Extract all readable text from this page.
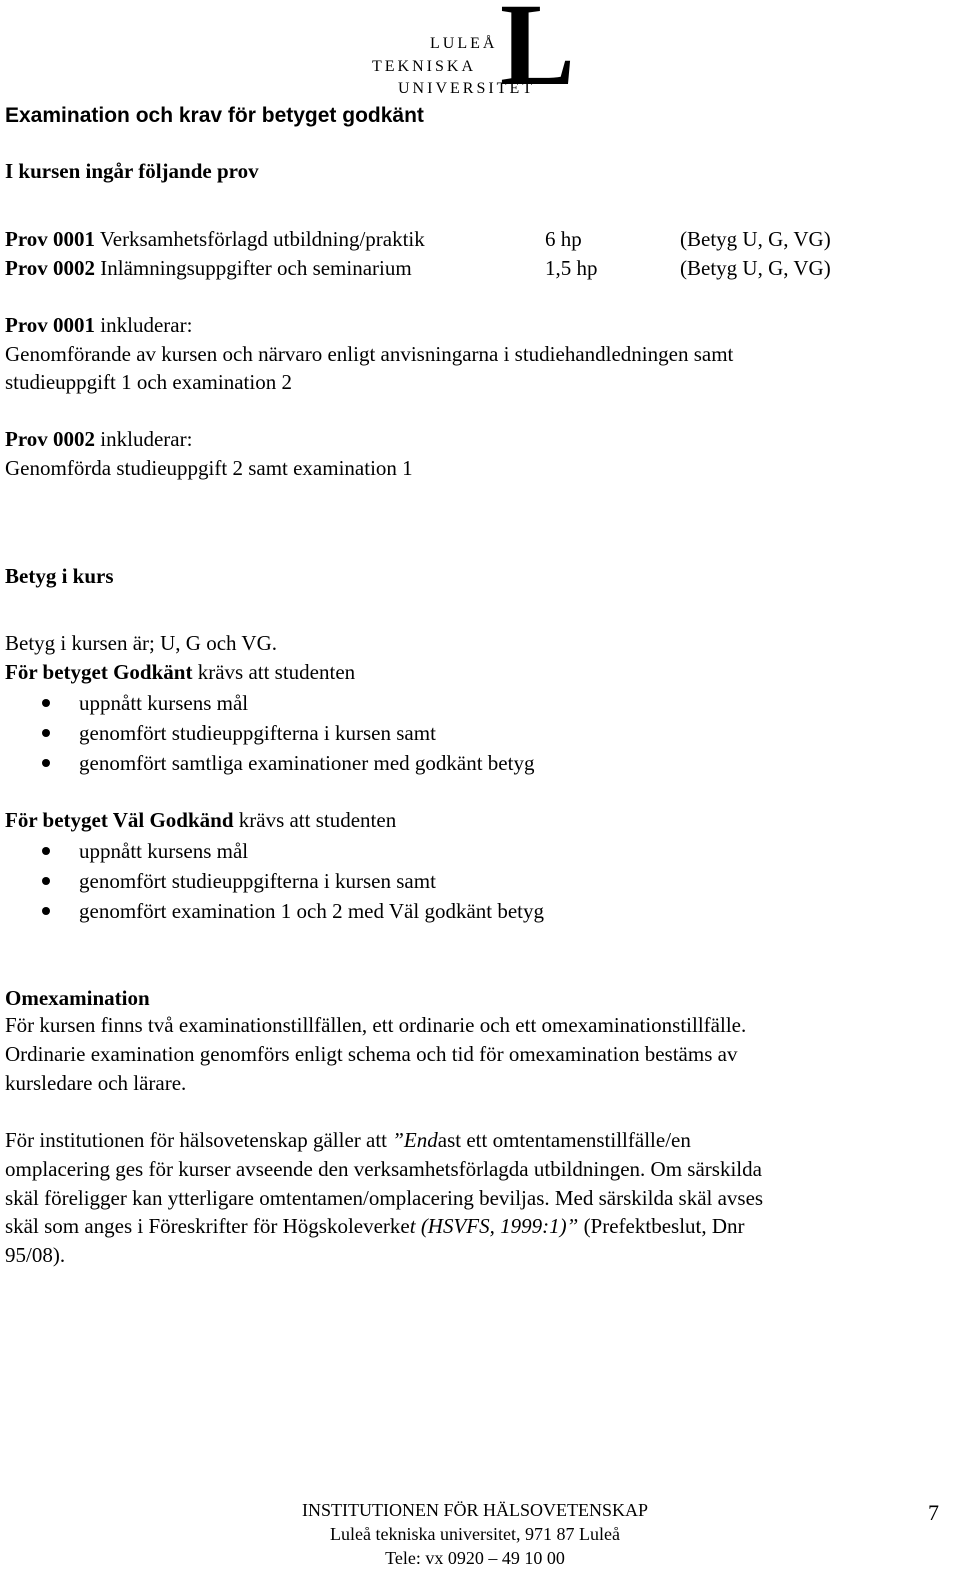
LULEÅ
TEKNISKA
UNIVERSITET
L
Examination och krav för betyget godkänt
I kursen ingår följande prov
Prov 0001 Verksamhetsförlagd utbildning/praktik	6 hp	(Betyg U, G, VG)
Prov 0002 Inlämningsuppgifter och seminarium	1,5 hp	(Betyg U, G, VG)
Prov 0001 inkluderar:
Genomförande av kursen och närvaro enligt anvisningarna i studiehandledningen samt
studieuppgift 1 och examination 2
Prov 0002 inkluderar:
Genomförda studieuppgift 2 samt examination 1
Betyg i kurs
Betyg i kursen är; U, G och VG.
För betyget Godkänt krävs att studenten
uppnått kursens mål
genomfört studieuppgifterna i kursen samt
genomfört samtliga examinationer med godkänt betyg
För betyget Väl Godkänd krävs att studenten
uppnått kursens mål
genomfört studieuppgifterna i kursen samt
genomfört examination 1 och 2 med Väl godkänt betyg
Omexamination
För kursen finns två examinationstillfällen, ett ordinarie och ett omexaminationstillfälle.
Ordinarie examination genomförs enligt schema och tid för omexamination bestäms av
kursledare och lärare.
För institutionen för hälsovetenskap gäller att ”Endast ett omtentamenstillfälle/en
omplacering ges för kurser avseende den verksamhetsförlagda utbildningen. Om särskilda
skäl föreligger kan ytterligare omtentamen/omplacering beviljas. Med särskilda skäl avses
skäl som anges i Föreskrifter för Högskoleverket (HSVFS, 1999:1)” (Prefektbeslut, Dnr
95/08).
INSTITUTIONEN FÖR HÄLSOVETENSKAP
Luleå tekniska universitet, 971 87 Luleå
Tele: vx 0920 – 49 10 00
7
